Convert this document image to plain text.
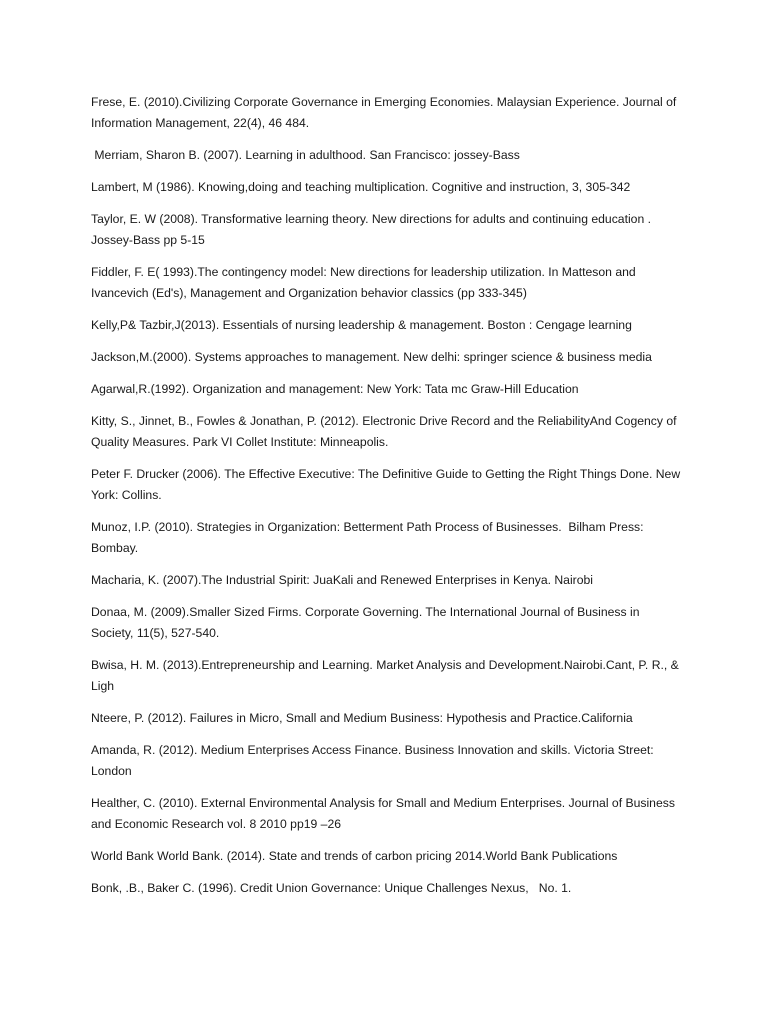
Frese, E. (2010).Civilizing Corporate Governance in Emerging Economies. Malaysian Experience. Journal of Information Management, 22(4), 46 484.

Merriam, Sharon B. (2007). Learning in adulthood. San Francisco: jossey-Bass

Lambert, M (1986). Knowing,doing and teaching multiplication. Cognitive and instruction, 3, 305-342

Taylor, E. W (2008). Transformative learning theory. New directions for adults and continuing education . Jossey-Bass pp 5-15

Fiddler, F. E( 1993).The contingency model: New directions for leadership utilization. In Matteson and Ivancevich (Ed's), Management and Organization behavior classics (pp 333-345)

Kelly,P& Tazbir,J(2013). Essentials of nursing leadership & management. Boston : Cengage learning

Jackson,M.(2000). Systems approaches to management. New delhi: springer science & business media

Agarwal,R.(1992). Organization and management: New York: Tata mc Graw-Hill Education

Kitty, S., Jinnet, B., Fowles & Jonathan, P. (2012). Electronic Drive Record and the ReliabilityAnd Cogency of Quality Measures. Park VI Collet Institute: Minneapolis.

Peter F. Drucker (2006). The Effective Executive: The Definitive Guide to Getting the Right Things Done. New York: Collins.

Munoz, I.P. (2010). Strategies in Organization: Betterment Path Process of Businesses.  Bilham Press: Bombay.

Macharia, K. (2007).The Industrial Spirit: JuaKali and Renewed Enterprises in Kenya. Nairobi

Donaa, M. (2009).Smaller Sized Firms. Corporate Governing. The International Journal of Business in Society, 11(5), 527-540.

Bwisa, H. M. (2013).Entrepreneurship and Learning. Market Analysis and Development.Nairobi.Cant, P. R., & Ligh

Nteere, P. (2012). Failures in Micro, Small and Medium Business: Hypothesis and Practice.California

Amanda, R. (2012). Medium Enterprises Access Finance. Business Innovation and skills. Victoria Street: London

Healther, C. (2010). External Environmental Analysis for Small and Medium Enterprises. Journal of Business and Economic Research vol. 8 2010 pp19 –26

World Bank World Bank. (2014). State and trends of carbon pricing 2014.World Bank Publications

Bonk, .B., Baker C. (1996). Credit Union Governance: Unique Challenges Nexus,   No. 1.
